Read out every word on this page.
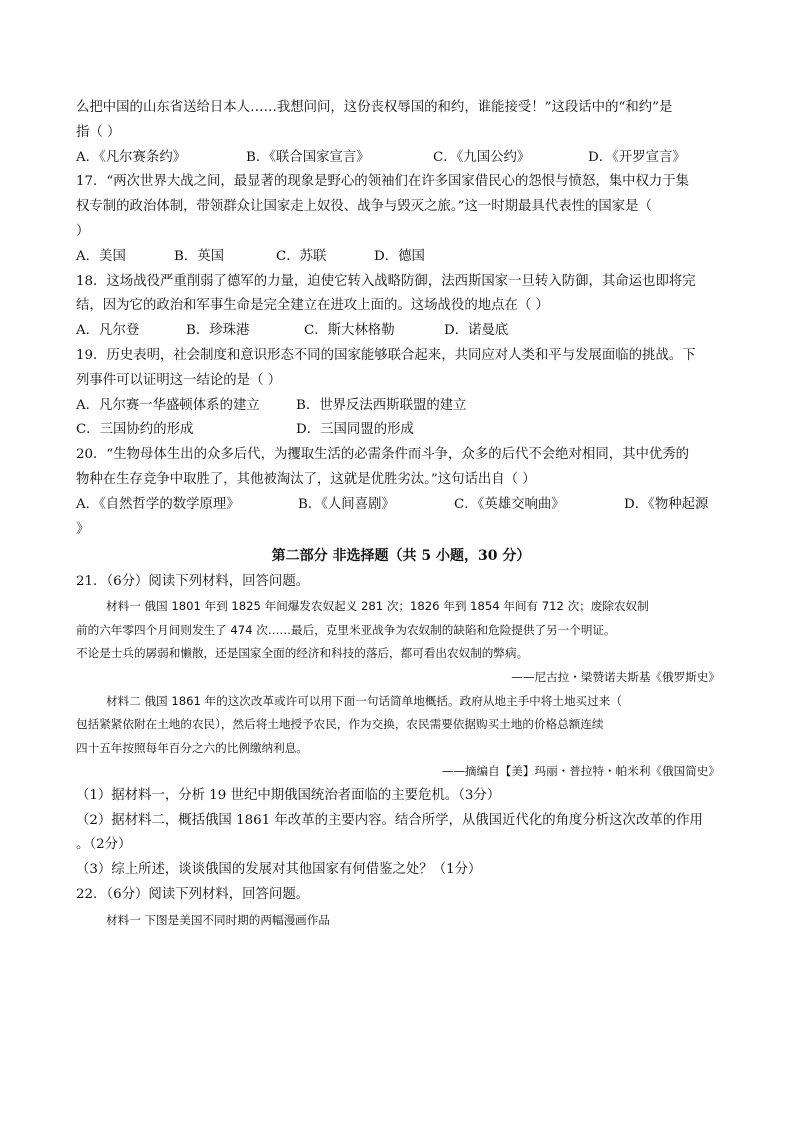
么把中国的山东省送给日本人……我想问问，这份丧权辱国的和约，谁能接受！”这段话中的“和约”是
指（ ）
A．《凡尔赛条约》	B．《联合国家宣言》	C．《九国公约》	D．《开罗宣言》
17．“两次世界大战之间，最显著的现象是野心的领袖们在许多国家借民心的怨恨与愤怒，集中权力于集
权专制的政治体制，带领群众让国家走上奴役、战争与毁灭之旅。”这一时期最具代表性的国家是（
）
A．美国	B．英国	C．苏联	D．德国
18．这场战役严重削弱了德军的力量，迫使它转入战略防御，法西斯国家一旦转入防御，其命运也即将完
结，因为它的政治和军事生命是完全建立在进攻上面的。这场战役的地点在（ ）
A．凡尔登	B．珍珠港	C．斯大林格勒	D．诺曼底
19．历史表明，社会制度和意识形态不同的国家能够联合起来，共同应对人类和平与发展面临的挑战。下
列事件可以证明这一结论的是（ ）
A．凡尔赛一华盛顿体系的建立	B．世界反法西斯联盟的建立
C．三国协约的形成	D．三国同盟的形成
20．“生物母体生出的众多后代，为攫取生活的必需条件而斗争，众多的后代不会绝对相同，其中优秀的
物种在生存竞争中取胜了，其他被淘汰了，这就是优胜劣汰。”这句话出自（ ）
A．《自然哲学的数学原理》	B．《人间喜剧》	C．《英雄交响曲》	D．《物种起源
》
第二部分 非选择题（共 5 小题，30 分）
21．（6分）阅读下列材料，回答问题。
材料一 俄国 1801 年到 1825 年间爆发农奴起义 281 次；1826 年到 1854 年间有 712 次；废除农奴制
前的六年零四个月间则发生了 474 次……最后，克里米亚战争为农奴制的缺陷和危险提供了另一个明证。
不论是士兵的孱弱和懒散，还是国家全面的经济和科技的落后，都可看出农奴制的弊病。
——尼古拉・梁赞诺夫斯基《俄罗斯史》
材料二 俄国 1861 年的这次改革或许可以用下面一句话简单地概括。政府从地主手中将土地买过来（
包括紧紧依附在土地的农民），然后将土地授予农民，作为交换，农民需要依据购买土地的价格总额连续
四十五年按照每年百分之六的比例缴纳利息。
——摘编自【美】玛丽・普拉特・帕米利《俄国简史》
（1）据材料一，分析 19 世纪中期俄国统治者面临的主要危机。（3分）
（2）据材料二，概括俄国 1861 年改革的主要内容。结合所学，从俄国近代化的角度分析这次改革的作用
。（2分）
（3）综上所述，谈谈俄国的发展对其他国家有何借鉴之处？（1分）
22．（6分）阅读下列材料，回答问题。
材料一 下图是美国不同时期的两幅漫画作品
